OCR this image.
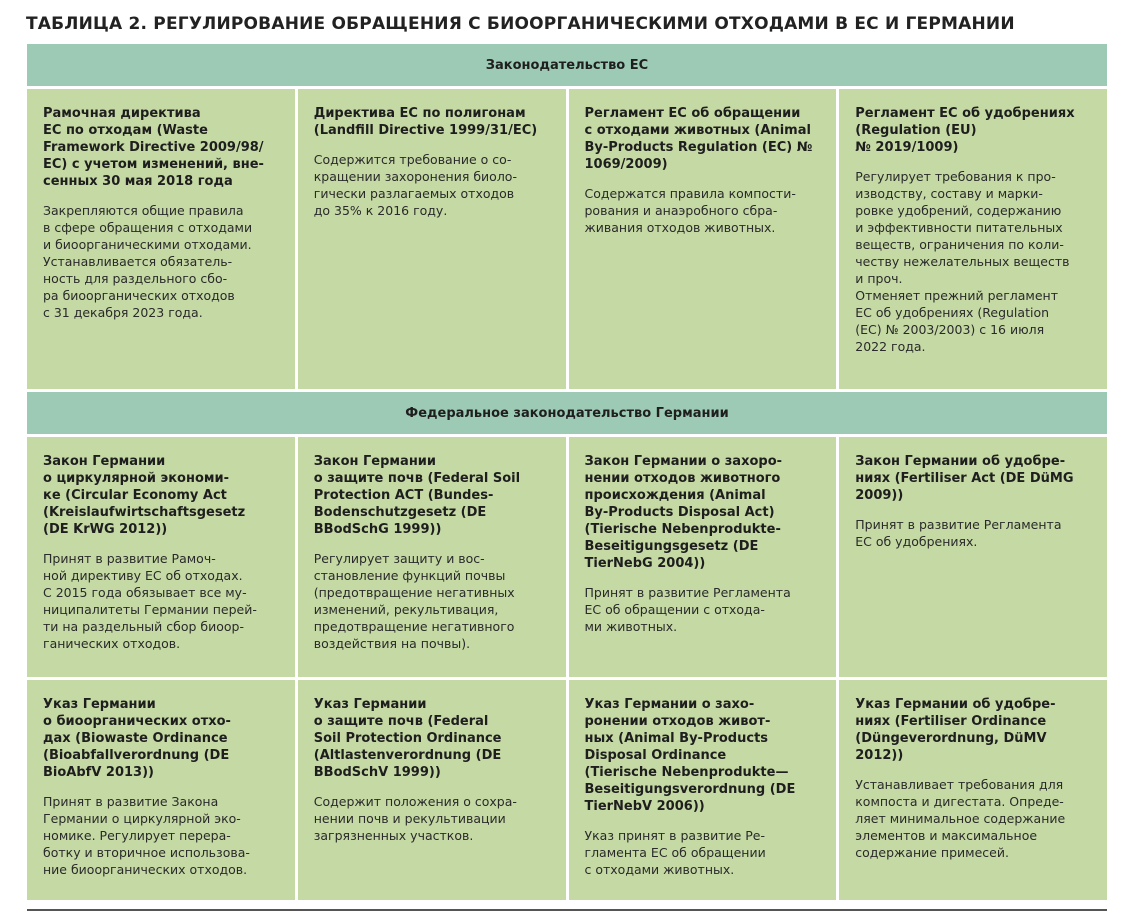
ТАБЛИЦА 2. РЕГУЛИРОВАНИЕ ОБРАЩЕНИЯ С БИООРГАНИЧЕСКИМИ ОТХОДАМИ В ЕС И ГЕРМАНИИ
Законодательство ЕС
Рамочная директива
ЕС по отходам (Waste
Framework Directive 2009/98/
EC) с учетом изменений, вне-
сенных 30 мая 2018 года
Закрепляются общие правила
в сфере обращения с отходами
и биоорганическими отходами.
Устанавливается обязатель-
ность для раздельного сбо-
ра биоорганических отходов
с 31 декабря 2023 года.
Директива ЕС по полигонам
(Landfill Directive 1999/31/EC)
Содержится требование о со-
кращении захоронения биоло-
гически разлагаемых отходов
до 35% к 2016 году.
Регламент ЕС об обращении
с отходами животных (Animal
By-Products Regulation (EC) №
1069/2009)
Содержатся правила компости-
рования и анаэробного сбра-
живания отходов животных.
Регламент ЕС об удобрениях
(Regulation (EU)
№ 2019/1009)
Регулирует требования к про-
изводству, составу и марки-
ровке удобрений, содержанию
и эффективности питательных
веществ, ограничения по коли-
честву нежелательных веществ
и проч.
Отменяет прежний регламент
ЕС об удобрениях (Regulation
(EC) № 2003/2003) с 16 июля
2022 года.
Федеральное законодательство Германии
Закон Германии
о циркулярной экономи-
ке (Circular Economy Act
(Kreislaufwirtschaftsgesetz
(DE KrWG 2012))
Принят в развитие Рамоч-
ной директиву ЕС об отходах.
С 2015 года обязывает все му-
ниципалитеты Германии перей-
ти на раздельный сбор биоор-
ганических отходов.
Закон Германии
о защите почв (Federal Soil
Protection ACT (Bundes-
Bodenschutzgesetz (DE
BBodSchG 1999))
Регулирует защиту и вос-
становление функций почвы
(предотвращение негативных
изменений, рекультивация,
предотвращение негативного
воздействия на почвы).
Закон Германии о захоро-
нении отходов животного
происхождения (Animal
By-Products Disposal Act)
(Tierische Nebenprodukte-
Beseitigungsgesetz (DE
TierNebG 2004))
Принят в развитие Регламента
ЕС об обращении с отхода-
ми животных.
Закон Германии об удобре-
ниях (Fertiliser Act (DE DüMG
2009))
Принят в развитие Регламента
ЕС об удобрениях.
Указ Германии
о биоорганических отхо-
дах (Biowaste Ordinance
(Bioabfallverordnung (DE
BioAbfV 2013))
Принят в развитие Закона
Германии о циркулярной эко-
номике. Регулирует перера-
ботку и вторичное использова-
ние биоорганических отходов.
Указ Германии
о защите почв (Federal
Soil Protection Ordinance
(Altlastenverordnung (DE
BBodSchV 1999))
Содержит положения о сохра-
нении почв и рекультивации
загрязненных участков.
Указ Германии о захо-
ронении отходов живот-
ных (Animal By-Products
Disposal Ordinance
(Tierische Nebenprodukte—
Beseitigungsverordnung (DE
TierNebV 2006))
Указ принят в развитие Ре-
гламента ЕС об обращении
с отходами животных.
Указ Германии об удобре-
ниях (Fertiliser Ordinance
(Düngeverordnung, DüMV
2012))
Устанавливает требования для
компоста и дигестата. Опреде-
ляет минимальное содержание
элементов и максимальное
содержание примесей.
